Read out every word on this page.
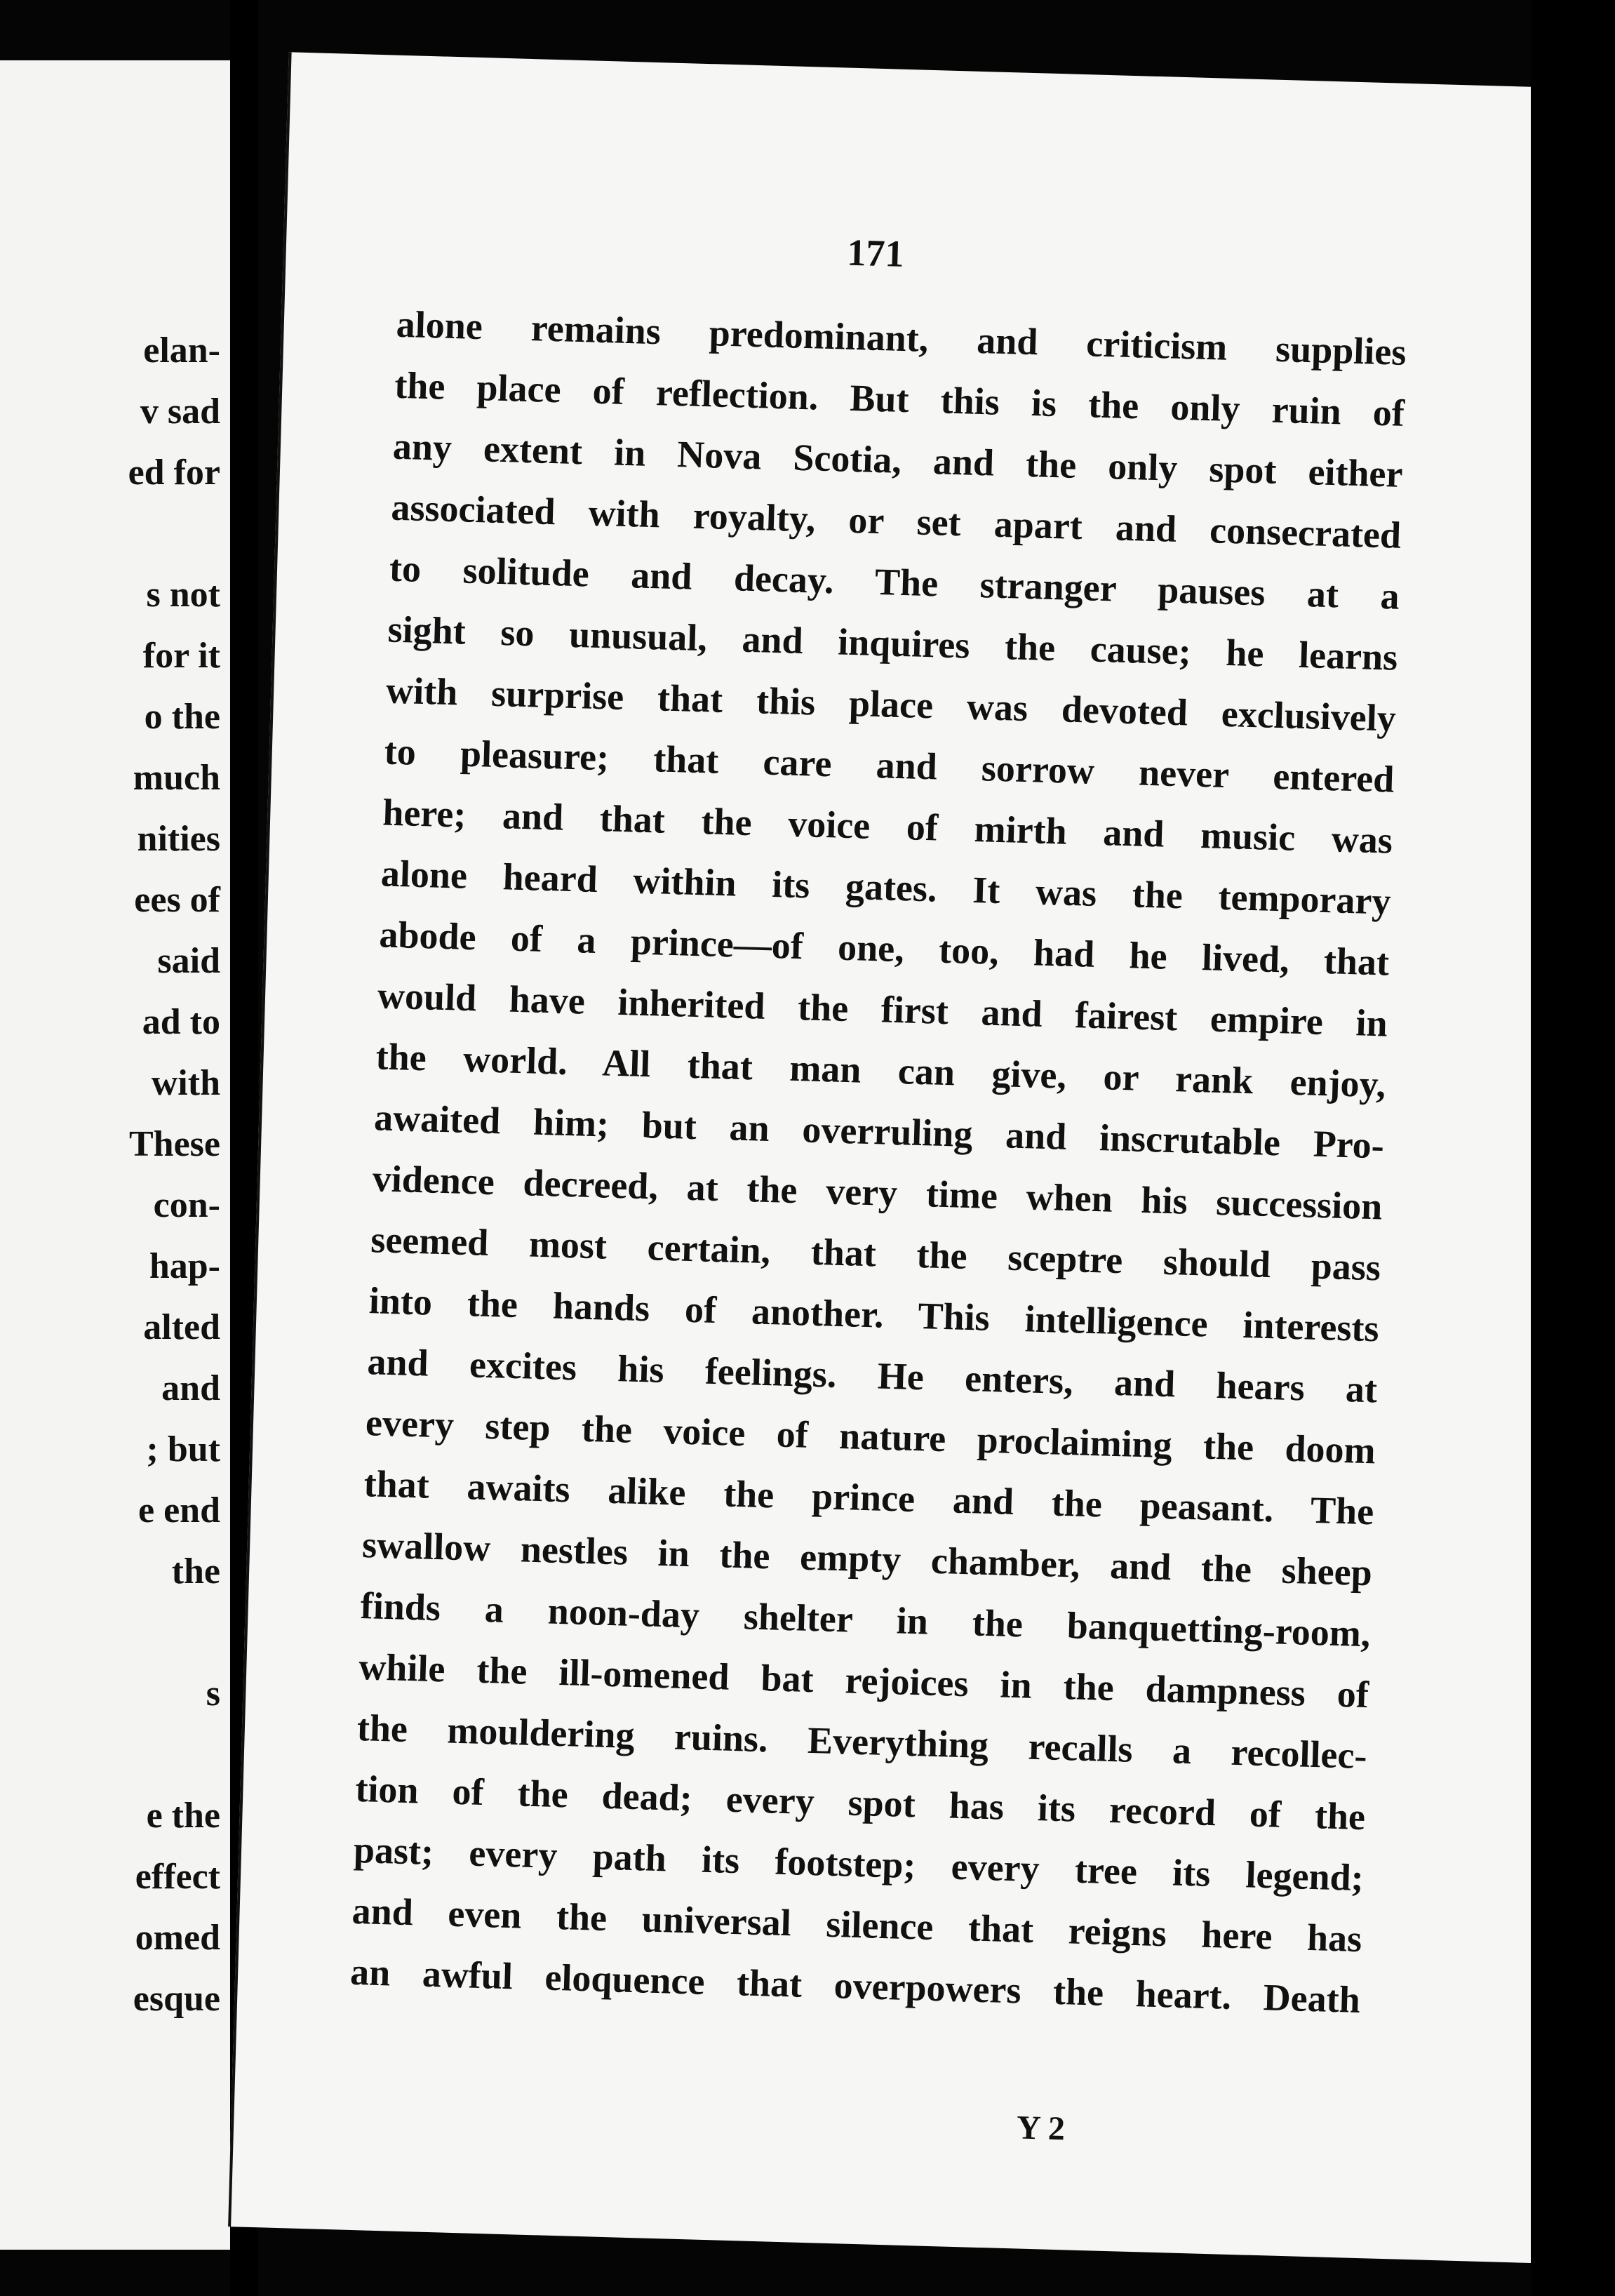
elan-
v sad
ed for
s not
for it
o the
much
nities
ees of
said
ad to
with
These
con-
hap-
alted
and
; but
e end
the
s
e the
effect
omed
esque
171
alone remains predominant, and criticism supplies
the place of reflection. But this is the only ruin of
any extent in Nova Scotia, and the only spot either
associated with royalty, or set apart and consecrated
to solitude and decay. The stranger pauses at a
sight so unusual, and inquires the cause; he learns
with surprise that this place was devoted exclusively
to pleasure; that care and sorrow never entered
here; and that the voice of mirth and music was
alone heard within its gates. It was the temporary
abode of a prince—of one, too, had he lived, that
would have inherited the first and fairest empire in
the world. All that man can give, or rank enjoy,
awaited him; but an overruling and inscrutable Pro-
vidence decreed, at the very time when his succession
seemed most certain, that the sceptre should pass
into the hands of another. This intelligence interests
and excites his feelings. He enters, and hears at
every step the voice of nature proclaiming the doom
that awaits alike the prince and the peasant. The
swallow nestles in the empty chamber, and the sheep
finds a noon-day shelter in the banquetting-room,
while the ill-omened bat rejoices in the dampness of
the mouldering ruins. Everything recalls a recollec-
tion of the dead; every spot has its record of the
past; every path its footstep; every tree its legend;
and even the universal silence that reigns here has
an awful eloquence that overpowers the heart. Death
Y 2
